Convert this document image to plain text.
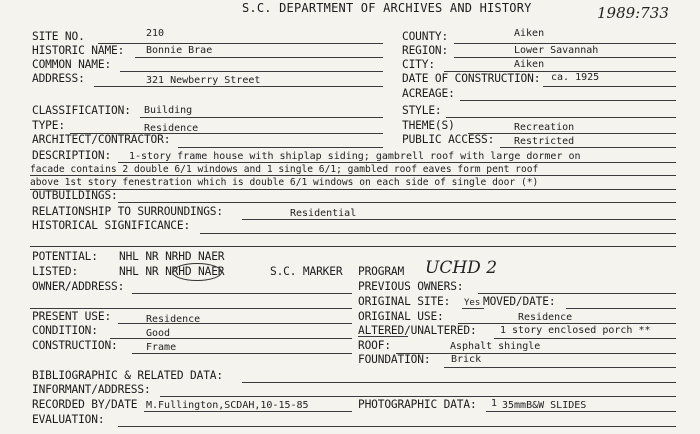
S.C. DEPARTMENT OF ARCHIVES AND HISTORY	1989:733
SITE NO.	210	COUNTY:	Aiken
HISTORIC NAME: Bonnie Brae	REGION:	Lower Savannah
COMMON NAME:	CITY:	Aiken
ADDRESS:	321 Newberry Street	DATE OF CONSTRUCTION: ca. 1925
ACREAGE:
CLASSIFICATION: Building	STYLE:
TYPE:	Residence	THEME(S)	Recreation
ARCHITECT/CONTRACTOR:	PUBLIC ACCESS: Restricted
DESCRIPTION: 1-story frame house with shiplap siding; gambrell roof with large dormer on
facade contains 2 double 6/1 windows and 1 single 6/1; gambled roof eaves form pent roof
above 1st story fenestration which is double 6/1 windows on each side of single door (*)
OUTBUILDINGS:
RELATIONSHIP TO SURROUNDINGS:	Residential
HISTORICAL SIGNIFICANCE:
POTENTIAL: NHL NR NRHD NAER
LISTED:	NHL NR NRHD NAER	S.C. MARKER PROGRAM UCHD 2
OWNER/ADDRESS:	PREVIOUS OWNERS:
ORIGINAL SITE: Yes MOVED/DATE:
PRESENT USE:	Residence	ORIGINAL USE:	Residence
CONDITION:	Good	ALTERED/UNALTERED: 1 story enclosed porch **
CONSTRUCTION:	Frame	ROOF:	Asphalt shingle
FOUNDATION: Brick
BIBLIOGRAPHIC & RELATED DATA:
INFORMANT/ADDRESS:
RECORDED BY/DATE M.Fullington,SCDAH,10-15-85	PHOTOGRAPHIC DATA: 1 35mmB&W SLIDES
EVALUATION:
